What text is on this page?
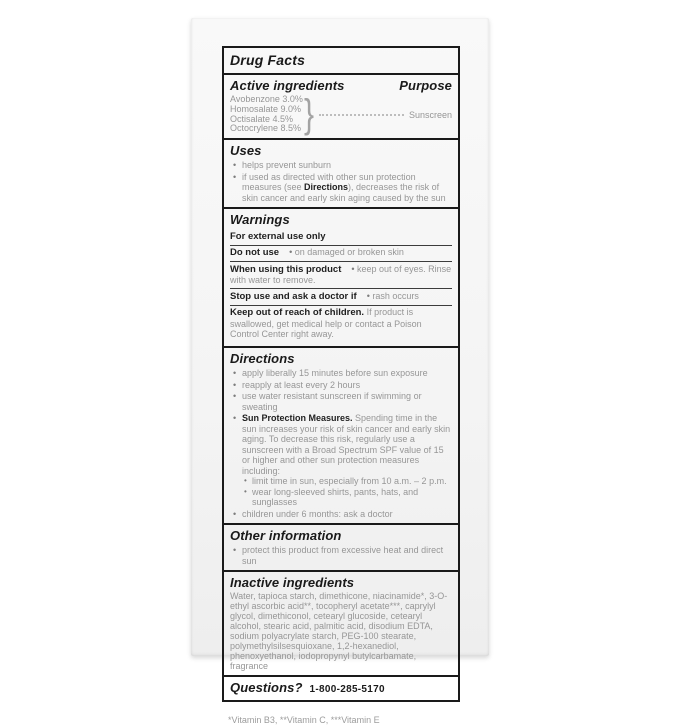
Drug Facts
Active ingredients	Purpose
Avobenzone 3.0%
Homosalate 9.0%
Octisalate 4.5%
Octocrylene 8.5% }	Sunscreen
Uses
• helps prevent sunburn
• if used as directed with other sun protection measures (see Directions), decreases the risk of skin cancer and early skin aging caused by the sun
Warnings
For external use only
Do not use • on damaged or broken skin
When using this product • keep out of eyes. Rinse with water to remove.
Stop use and ask a doctor if • rash occurs
Keep out of reach of children. If product is swallowed, get medical help or contact a Poison Control Center right away.
Directions
• apply liberally 15 minutes before sun exposure
• reapply at least every 2 hours
• use water resistant sunscreen if swimming or sweating
• Sun Protection Measures. Spending time in the sun increases your risk of skin cancer and early skin aging. To decrease this risk, regularly use a sunscreen with a Broad Spectrum SPF value of 15 or higher and other sun protection measures including:
• limit time in sun, especially from 10 a.m. – 2 p.m.
• wear long-sleeved shirts, pants, hats, and sunglasses
• children under 6 months: ask a doctor
Other information
• protect this product from excessive heat and direct sun
Inactive ingredients
Water, tapioca starch, dimethicone, niacinamide*, 3-O-ethyl ascorbic acid**, tocopheryl acetate***, caprylyl glycol, dimethiconol, cetearyl glucoside, cetearyl alcohol, stearic acid, palmitic acid, disodium EDTA, sodium polyacrylate starch, PEG-100 stearate, polymethylsilsesquioxane, 1,2-hexanediol, phenoxyethanol, iodopropynyl butylcarbamate, fragrance
Questions? 1-800-285-5170
*Vitamin B3, **Vitamin C, ***Vitamin E
